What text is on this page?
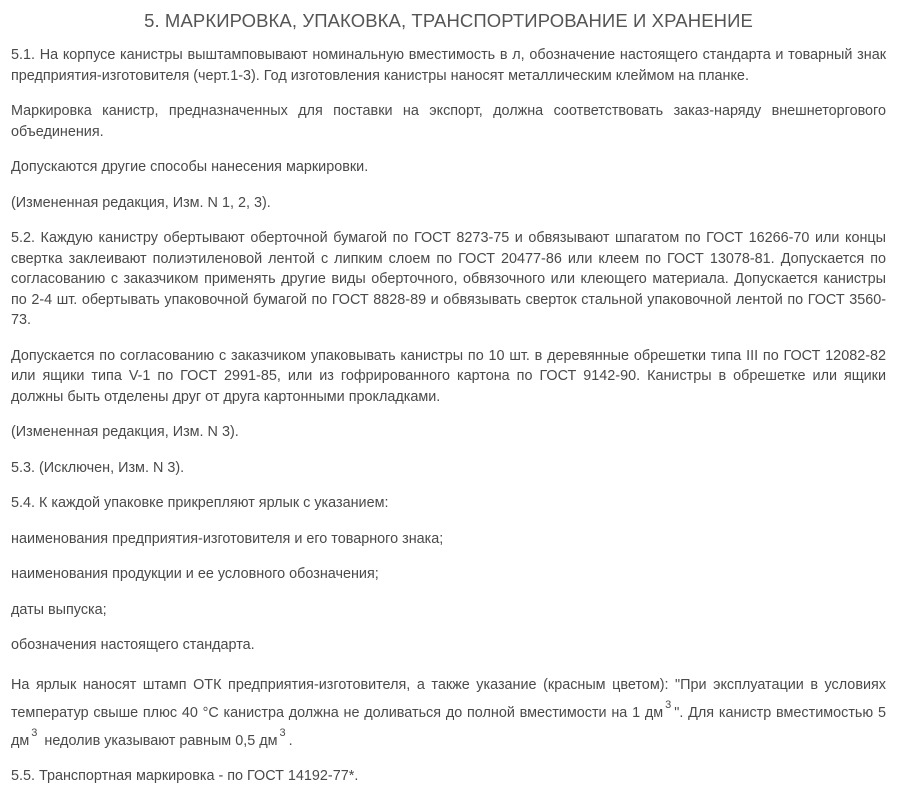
5. МАРКИРОВКА, УПАКОВКА, ТРАНСПОРТИРОВАНИЕ И ХРАНЕНИЕ

5.1. На корпусе канистры выштамповывают номинальную вместимость в л, обозначение настоящего стандарта и товарный знак предприятия-изготовителя (черт.1-3). Год изготовления канистры наносят металлическим клеймом на планке.

Маркировка канистр, предназначенных для поставки на экспорт, должна соответствовать заказ-наряду внешнеторгового объединения.

Допускаются другие способы нанесения маркировки.

(Измененная редакция, Изм. N 1, 2, 3).

5.2. Каждую канистру обертывают оберточной бумагой по ГОСТ 8273-75 и обвязывают шпагатом по ГОСТ 16266-70 или концы свертка заклеивают полиэтиленовой лентой с липким слоем по ГОСТ 20477-86 или клеем по ГОСТ 13078-81. Допускается по согласованию с заказчиком применять другие виды оберточного, обвязочного или клеющего материала. Допускается канистры по 2-4 шт. обертывать упаковочной бумагой по ГОСТ 8828-89 и обвязывать сверток стальной упаковочной лентой по ГОСТ 3560-73.

Допускается по согласованию с заказчиком упаковывать канистры по 10 шт. в деревянные обрешетки типа III по ГОСТ 12082-82 или ящики типа V-1 по ГОСТ 2991-85, или из гофрированного картона по ГОСТ 9142-90. Канистры в обрешетке или ящики должны быть отделены друг от друга картонными прокладками.

(Измененная редакция, Изм. N 3).

5.3. (Исключен, Изм. N 3).

5.4. К каждой упаковке прикрепляют ярлык с указанием:

наименования предприятия-изготовителя и его товарного знака;

наименования продукции и ее условного обозначения;

даты выпуска;

обозначения настоящего стандарта.

На ярлык наносят штамп ОТК предприятия-изготовителя, а также указание (красным цветом): "При эксплуатации в условиях температур свыше плюс 40 °С канистра должна не доливаться до полной вместимости на 1 дм $^3$ ". Для канистр вместимостью 5 дм $^3$ недолив указывают равным 0,5 дм $^3$ .

5.5. Транспортная маркировка - по ГОСТ 14192-77*.
